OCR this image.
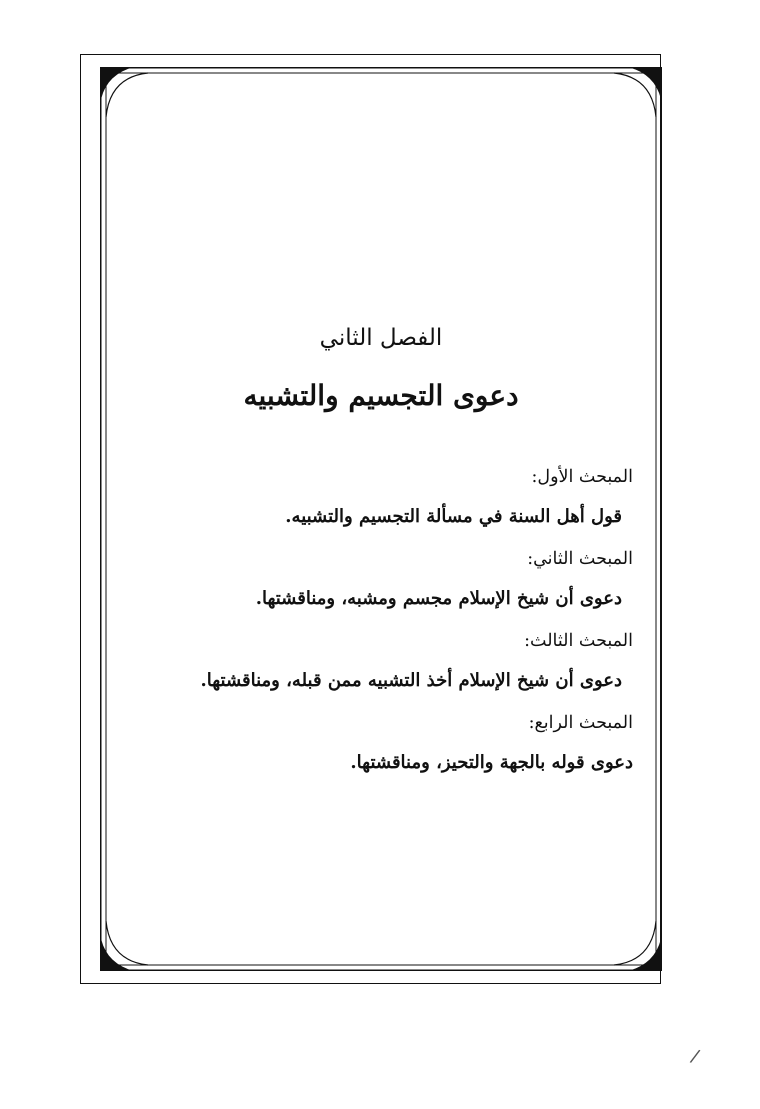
الفصل الثاني
دعوى التجسيم والتشبيه
المبحث الأول:
قول أهل السنة في مسألة التجسيم والتشبيه.
المبحث الثاني:
دعوى أن شيخ الإسلام مجسم ومشبه، ومناقشتها.
المبحث الثالث:
دعوى أن شيخ الإسلام أخذ التشبيه ممن قبله، ومناقشتها.
المبحث الرابع:
دعوى قوله بالجهة والتحيز، ومناقشتها.
/
